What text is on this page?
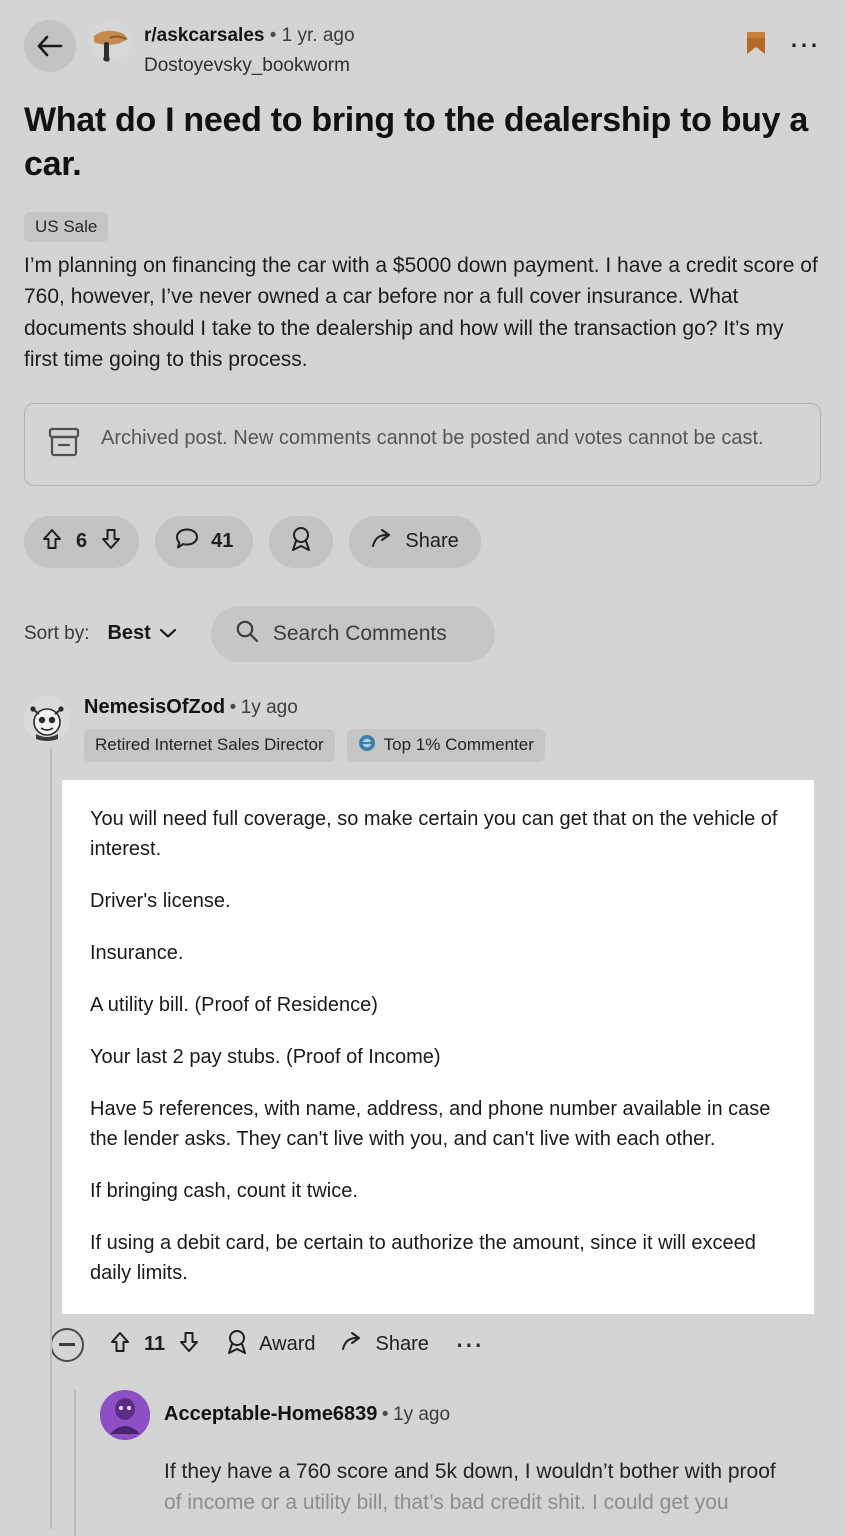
r/askcarsales • 1 yr. ago
Dostoyevsky_bookworm
⋯
What do I need to bring to the dealership to buy a car.
US Sale
I’m planning on financing the car with a $5000 down payment. I have a credit score of 760, however, I’ve never owned a car before nor a full cover insurance. What documents should I take to the dealership and how will the transaction go? It’s my first time going to this process.
Archived post. New comments cannot be posted and votes cannot be cast.
6	41	Share
Sort by: Best	Search Comments
NemesisOfZod • 1y ago
Retired Internet Sales Director	Top 1% Commenter

You will need full coverage, so make certain you can get that on the vehicle of interest.

Driver's license.

Insurance.

A utility bill. (Proof of Residence)

Your last 2 pay stubs. (Proof of Income)

Have 5 references, with name, address, and phone number available in case the lender asks. They can't live with you, and can't live with each other.

If bringing cash, count it twice.

If using a debit card, be certain to authorize the amount, since it will exceed daily limits.

11	Award	Share ⋯
Acceptable-Home6839 • 1y ago
If they have a 760 score and 5k down, I wouldn’t bother with proof
of income or a utility bill, that’s bad credit shit. I could get you
